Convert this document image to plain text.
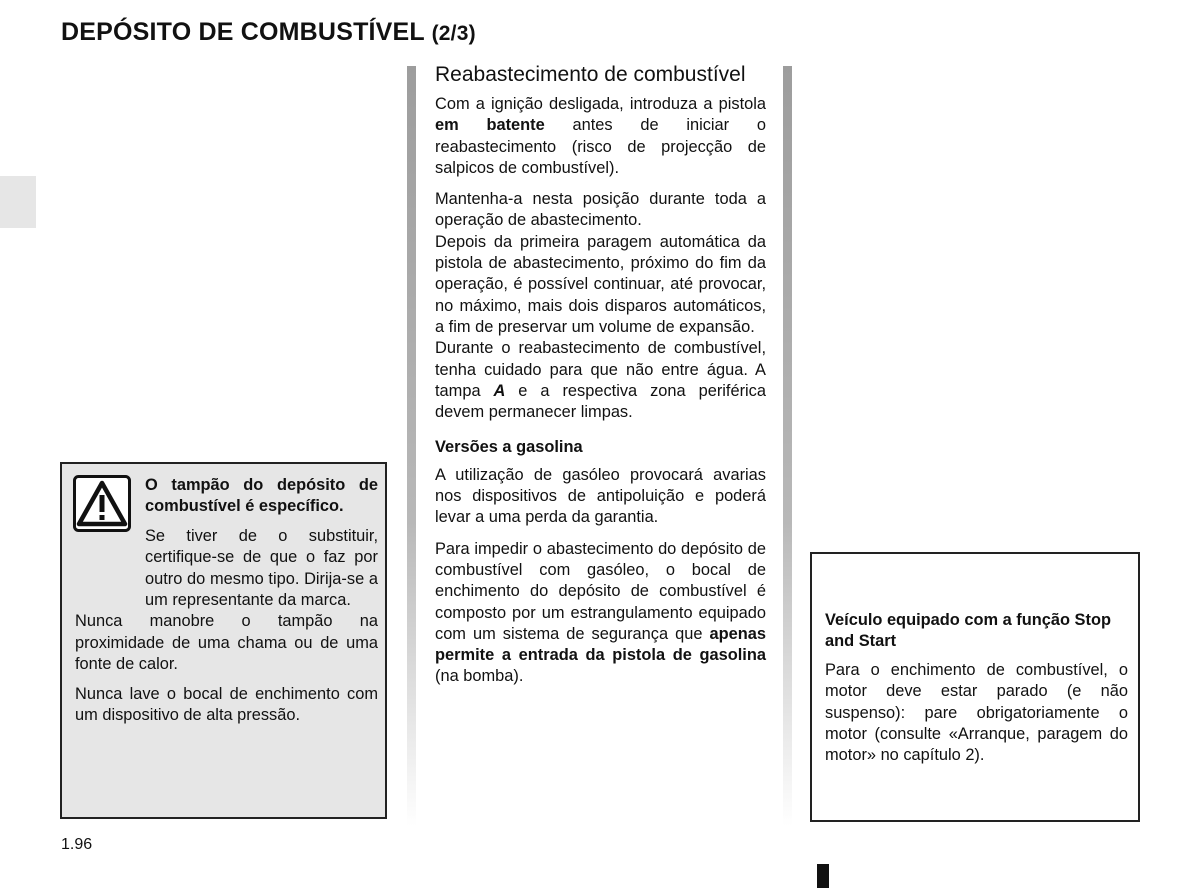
DEPÓSITO DE COMBUSTÍVEL (2/3)

O tampão do depósito de combustível é específico.

Se tiver de o substituir, certifique-se de que o faz por outro do mesmo tipo. Dirija-se a um representante da marca.

Nunca manobre o tampão na proximidade de uma chama ou de uma fonte de calor.

Nunca lave o bocal de enchimento com um dispositivo de alta pressão.

Reabastecimento de combustível

Com a ignição desligada, introduza a pistola em batente antes de iniciar o reabastecimento (risco de projecção de salpicos de combustível).

Mantenha-a nesta posição durante toda a operação de abastecimento.

Depois da primeira paragem automática da pistola de abastecimento, próximo do fim da operação, é possível continuar, até provocar, no máximo, mais dois disparos automáticos, a fim de preservar um volume de expansão.

Durante o reabastecimento de combustível, tenha cuidado para que não entre água. A tampa A e a respectiva zona periférica devem permanecer limpas.

Versões a gasolina

A utilização de gasóleo provocará avarias nos dispositivos de antipoluição e poderá levar a uma perda da garantia.

Para impedir o abastecimento do depósito de combustível com gasóleo, o bocal de enchimento do depósito de combustível é composto por um estrangulamento equipado com um sistema de segurança que apenas permite a entrada da pistola de gasolina (na bomba).

Veículo equipado com a função Stop and Start

Para o enchimento de combustível, o motor deve estar parado (e não suspenso): pare obrigatoriamente o motor (consulte «Arranque, paragem do motor» no capítulo 2).

1.96
